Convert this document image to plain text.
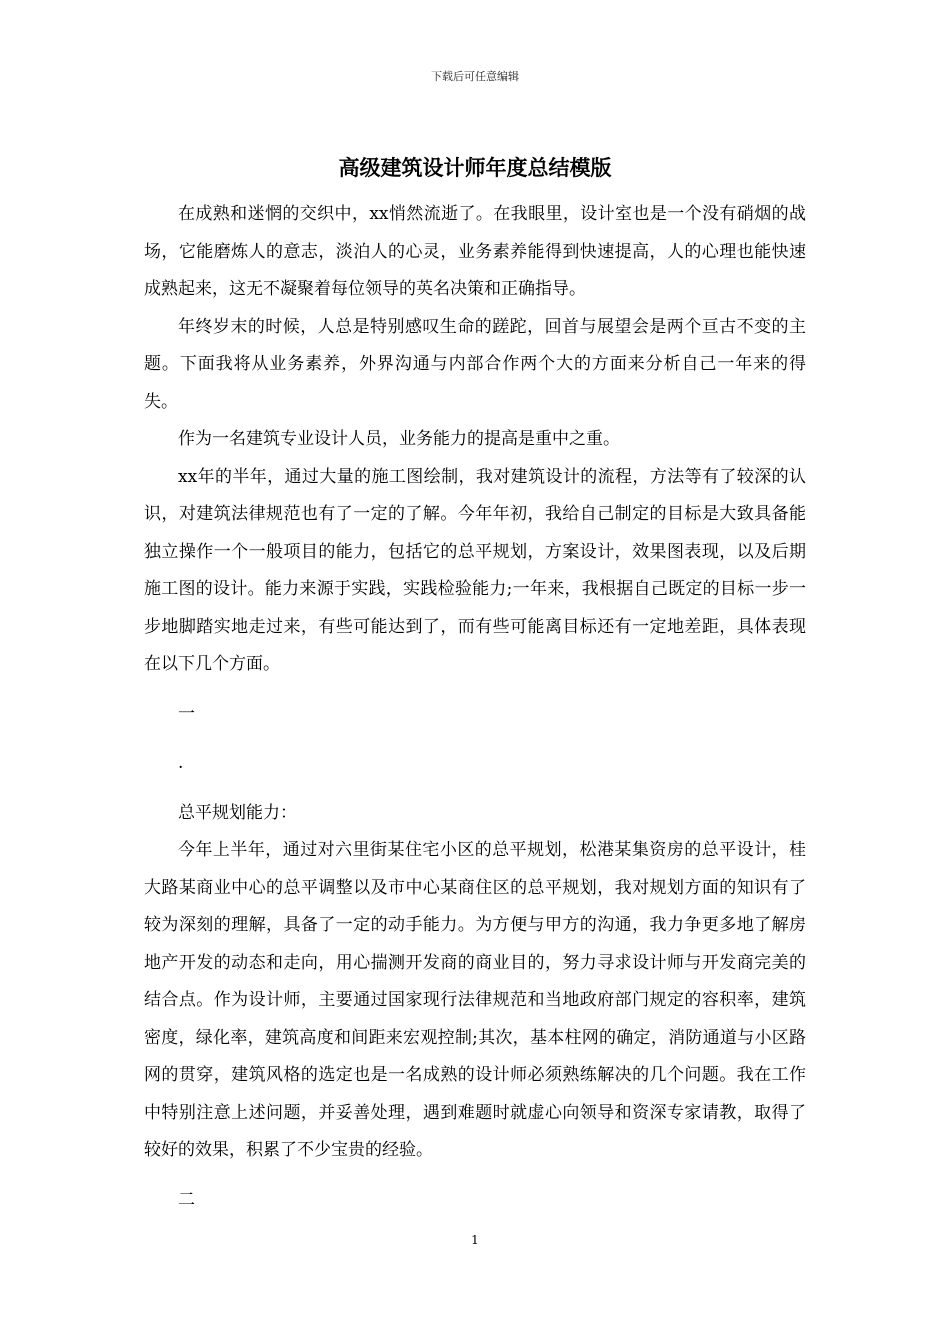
下载后可任意编辑
高级建筑设计师年度总结模版

在成熟和迷惘的交织中，xx悄然流逝了。在我眼里，设计室也是一个没有硝烟的战场，它能磨炼人的意志，淡泊人的心灵，业务素养能得到快速提高，人的心理也能快速成熟起来，这无不凝聚着每位领导的英名决策和正确指导。

年终岁末的时候，人总是特别感叹生命的蹉跎，回首与展望会是两个亘古不变的主题。下面我将从业务素养，外界沟通与内部合作两个大的方面来分析自己一年来的得失。

作为一名建筑专业设计人员，业务能力的提高是重中之重。

xx年的半年，通过大量的施工图绘制，我对建筑设计的流程，方法等有了较深的认识，对建筑法律规范也有了一定的了解。今年年初，我给自己制定的目标是大致具备能独立操作一个一般项目的能力，包括它的总平规划，方案设计，效果图表现，以及后期施工图的设计。能力来源于实践，实践检验能力;一年来，我根据自己既定的目标一步一步地脚踏实地走过来，有些可能达到了，而有些可能离目标还有一定地差距，具体表现在以下几个方面。

一

.

总平规划能力：

今年上半年，通过对六里街某住宅小区的总平规划，松港某集资房的总平设计，桂大路某商业中心的总平调整以及市中心某商住区的总平规划，我对规划方面的知识有了较为深刻的理解，具备了一定的动手能力。为方便与甲方的沟通，我力争更多地了解房地产开发的动态和走向，用心揣测开发商的商业目的，努力寻求设计师与开发商完美的结合点。作为设计师，主要通过国家现行法律规范和当地政府部门规定的容积率，建筑密度，绿化率，建筑高度和间距来宏观控制;其次，基本柱网的确定，消防通道与小区路网的贯穿，建筑风格的选定也是一名成熟的设计师必须熟练解决的几个问题。我在工作中特别注意上述问题，并妥善处理，遇到难题时就虚心向领导和资深专家请教，取得了较好的效果，积累了不少宝贵的经验。

二

1
